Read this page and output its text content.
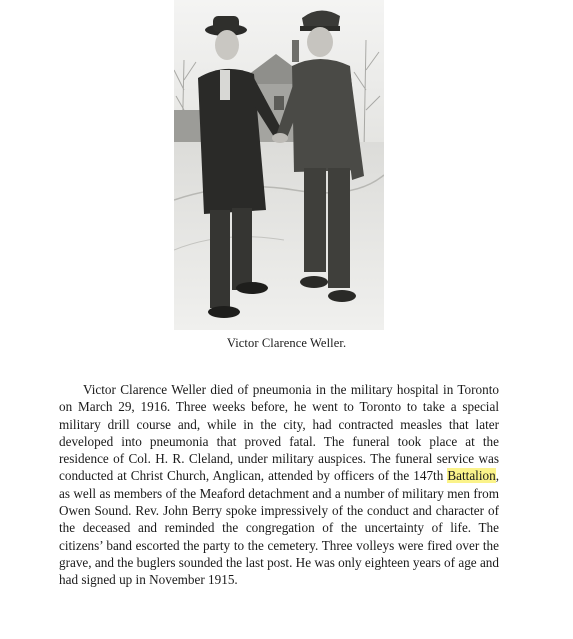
Victor Clarence Weller.

Victor Clarence Weller died of pneumonia in the military hospital in Toronto on March 29, 1916. Three weeks before, he went to Toronto to take a special military drill course and, while in the city, had contracted measles that later developed into pneumonia that proved fatal. The funeral took place at the residence of Col. H. R. Cleland, under military auspices. The funeral service was conducted at Christ Church, Anglican, attended by officers of the 147th Battalion, as well as members of the Meaford detachment and a number of military men from Owen Sound. Rev. John Berry spoke impressively of the conduct and character of the deceased and reminded the congregation of the uncertainty of life. The citizens’ band escorted the party to the cemetery. Three volleys were fired over the grave, and the buglers sounded the last post. He was only eighteen years of age and had signed up in November 1915.
